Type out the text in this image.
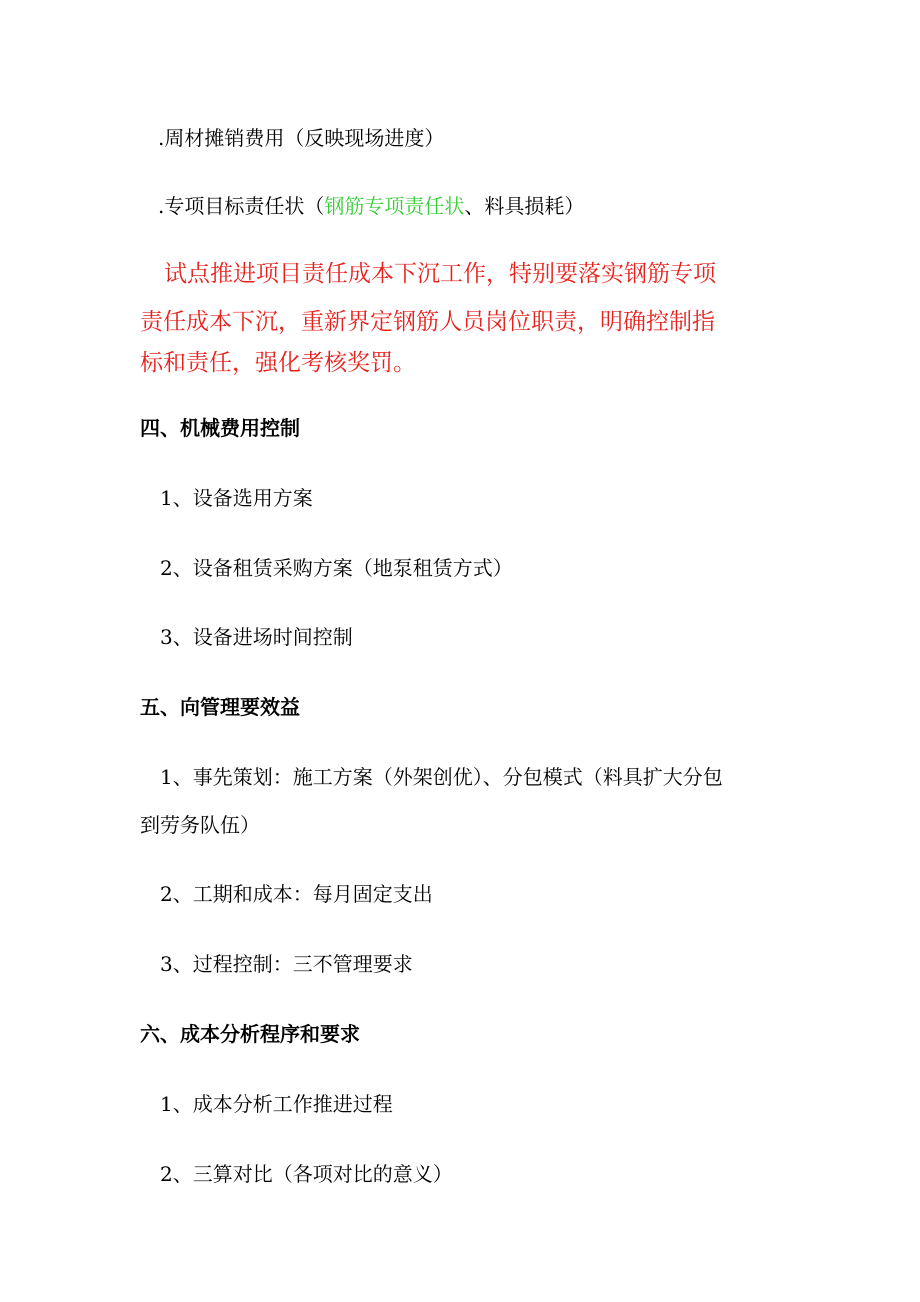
.周材摊销费用（反映现场进度）
.专项目标责任状（钢筋专项责任状、料具损耗）
试点推进项目责任成本下沉工作，特别要落实钢筋专项
责任成本下沉，重新界定钢筋人员岗位职责，明确控制指
标和责任，强化考核奖罚。
四、机械费用控制
1、设备选用方案
2、设备租赁采购方案（地泵租赁方式）
3、设备进场时间控制
五、向管理要效益
1、事先策划：施工方案（外架创优）、分包模式（料具扩大分包
到劳务队伍）
2、工期和成本：每月固定支出
3、过程控制：三不管理要求
六、成本分析程序和要求
1、成本分析工作推进过程
2、三算对比（各项对比的意义）
